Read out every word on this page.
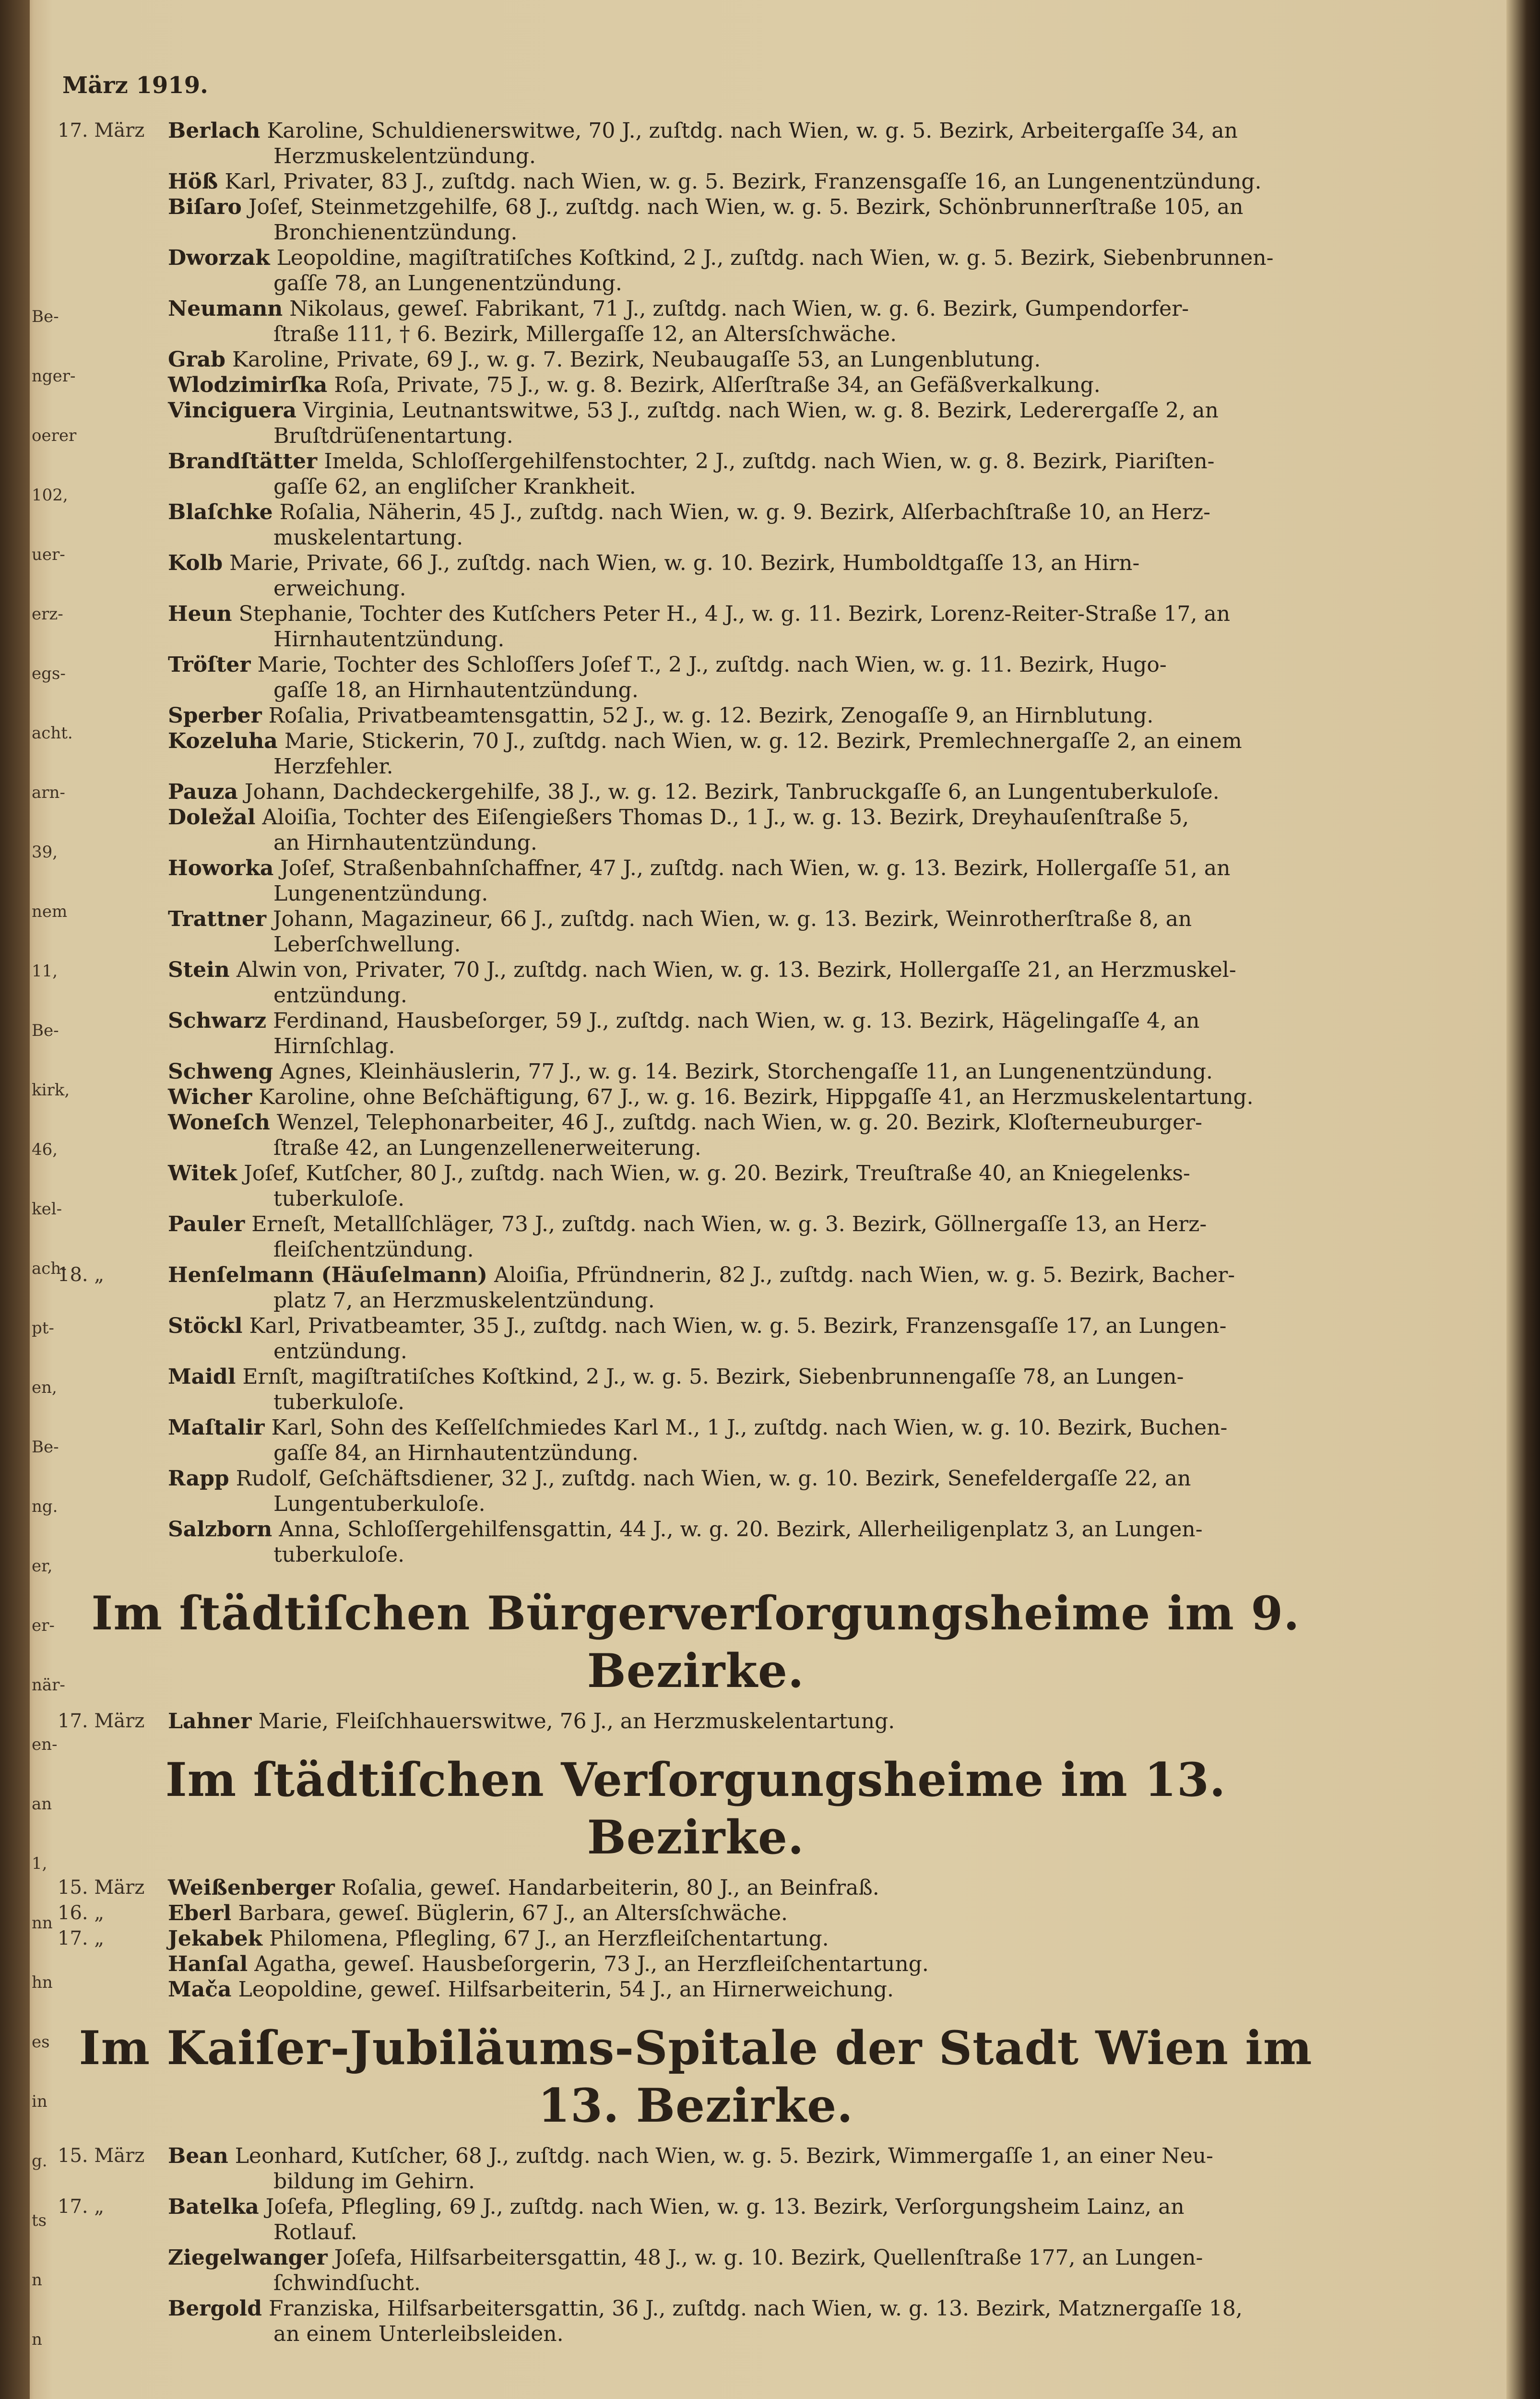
Be-
nger-
oerer
102,
uer-
erz-
egs-
acht.
arn-
39,
nem
11,
Be-
kirk,
46,
kel-
ach-
pt-
en,
Be-
ng.
er,
er-
när-
en-
an
1,
nn
hn
es
in
g.
ts
n
n
März 1919.
17. März	Berlach Karoline, Schuldienerswitwe, 70 J., zuſtdg. nach Wien, w. g. 5. Bezirk, Arbeitergaſſe 34, an
Herzmuskelentzündung.
Höß Karl, Privater, 83 J., zuſtdg. nach Wien, w. g. 5. Bezirk, Franzensgaſſe 16, an Lungenentzündung.
Biſaro Joſef, Steinmetzgehilfe, 68 J., zuſtdg. nach Wien, w. g. 5. Bezirk, Schönbrunnerſtraße 105, an
Bronchienentzündung.
Dworzak Leopoldine, magiſtratiſches Koſtkind, 2 J., zuſtdg. nach Wien, w. g. 5. Bezirk, Siebenbrunnen-
gaſſe 78, an Lungenentzündung.
Neumann Nikolaus, geweſ. Fabrikant, 71 J., zuſtdg. nach Wien, w. g. 6. Bezirk, Gumpendorfer-
ſtraße 111, † 6. Bezirk, Millergaſſe 12, an Altersſchwäche.
Grab Karoline, Private, 69 J., w. g. 7. Bezirk, Neubaugaſſe 53, an Lungenblutung.
Wlodzimirſka Roſa, Private, 75 J., w. g. 8. Bezirk, Alſerſtraße 34, an Gefäßverkalkung.
Vinciguera Virginia, Leutnantswitwe, 53 J., zuſtdg. nach Wien, w. g. 8. Bezirk, Lederergaſſe 2, an
Bruſtdrüſenentartung.
Brandſtätter Imelda, Schloſſergehilfenstochter, 2 J., zuſtdg. nach Wien, w. g. 8. Bezirk, Piariſten-
gaſſe 62, an engliſcher Krankheit.
Blaſchke Roſalia, Näherin, 45 J., zuſtdg. nach Wien, w. g. 9. Bezirk, Alſerbachſtraße 10, an Herz-
muskelentartung.
Kolb Marie, Private, 66 J., zuſtdg. nach Wien, w. g. 10. Bezirk, Humboldtgaſſe 13, an Hirn-
erweichung.
Heun Stephanie, Tochter des Kutſchers Peter H., 4 J., w. g. 11. Bezirk, Lorenz-Reiter-Straße 17, an
Hirnhautentzündung.
Tröſter Marie, Tochter des Schloſſers Joſef T., 2 J., zuſtdg. nach Wien, w. g. 11. Bezirk, Hugo-
gaſſe 18, an Hirnhautentzündung.
Sperber Roſalia, Privatbeamtensgattin, 52 J., w. g. 12. Bezirk, Zenogaſſe 9, an Hirnblutung.
Kozeluha Marie, Stickerin, 70 J., zuſtdg. nach Wien, w. g. 12. Bezirk, Premlechnergaſſe 2, an einem
Herzfehler.
Pauza Johann, Dachdeckergehilfe, 38 J., w. g. 12. Bezirk, Tanbruckgaſſe 6, an Lungentuberkuloſe.
Doležal Aloiſia, Tochter des Eiſengießers Thomas D., 1 J., w. g. 13. Bezirk, Dreyhauſenſtraße 5,
an Hirnhautentzündung.
Howorka Joſef, Straßenbahnſchaffner, 47 J., zuſtdg. nach Wien, w. g. 13. Bezirk, Hollergaſſe 51, an
Lungenentzündung.
Trattner Johann, Magazineur, 66 J., zuſtdg. nach Wien, w. g. 13. Bezirk, Weinrotherſtraße 8, an
Leberſchwellung.
Stein Alwin von, Privater, 70 J., zuſtdg. nach Wien, w. g. 13. Bezirk, Hollergaſſe 21, an Herzmuskel-
entzündung.
Schwarz Ferdinand, Hausbeſorger, 59 J., zuſtdg. nach Wien, w. g. 13. Bezirk, Hägelingaſſe 4, an
Hirnſchlag.
Schweng Agnes, Kleinhäuslerin, 77 J., w. g. 14. Bezirk, Storchengaſſe 11, an Lungenentzündung.
Wicher Karoline, ohne Beſchäftigung, 67 J., w. g. 16. Bezirk, Hippgaſſe 41, an Herzmuskelentartung.
Woneſch Wenzel, Telephonarbeiter, 46 J., zuſtdg. nach Wien, w. g. 20. Bezirk, Kloſterneuburger-
ſtraße 42, an Lungenzellenerweiterung.
Witek Joſef, Kutſcher, 80 J., zuſtdg. nach Wien, w. g. 20. Bezirk, Treuſtraße 40, an Kniegelenks-
tuberkuloſe.
Pauler Erneſt, Metallſchläger, 73 J., zuſtdg. nach Wien, w. g. 3. Bezirk, Göllnergaſſe 13, an Herz-
fleiſchentzündung.
18. „	Henſelmann (Häuſelmann) Aloiſia, Pfründnerin, 82 J., zuſtdg. nach Wien, w. g. 5. Bezirk, Bacher-
platz 7, an Herzmuskelentzündung.
Stöckl Karl, Privatbeamter, 35 J., zuſtdg. nach Wien, w. g. 5. Bezirk, Franzensgaſſe 17, an Lungen-
entzündung.
Maidl Ernſt, magiſtratiſches Koſtkind, 2 J., w. g. 5. Bezirk, Siebenbrunnengaſſe 78, an Lungen-
tuberkuloſe.
Maſtalir Karl, Sohn des Keſſelſchmiedes Karl M., 1 J., zuſtdg. nach Wien, w. g. 10. Bezirk, Buchen-
gaſſe 84, an Hirnhautentzündung.
Rapp Rudolf, Geſchäftsdiener, 32 J., zuſtdg. nach Wien, w. g. 10. Bezirk, Senefeldergaſſe 22, an
Lungentuberkuloſe.
Salzborn Anna, Schloſſergehilfensgattin, 44 J., w. g. 20. Bezirk, Allerheiligenplatz 3, an Lungen-
tuberkuloſe.
Im ſtädtiſchen Bürgerverſorgungsheime im 9. Bezirke.
17. März	Lahner Marie, Fleiſchhauerswitwe, 76 J., an Herzmuskelentartung.
Im ſtädtiſchen Verſorgungsheime im 13. Bezirke.
15. März	Weißenberger Roſalia, geweſ. Handarbeiterin, 80 J., an Beinfraß.
16. „	Eberl Barbara, geweſ. Büglerin, 67 J., an Altersſchwäche.
17. „	Jekabek Philomena, Pflegling, 67 J., an Herzfleiſchentartung.
Hanſal Agatha, geweſ. Hausbeſorgerin, 73 J., an Herzfleiſchentartung.
Mača Leopoldine, geweſ. Hilfsarbeiterin, 54 J., an Hirnerweichung.
Im Kaiſer-Jubiläums-Spitale der Stadt Wien im 13. Bezirke.
15. März	Bean Leonhard, Kutſcher, 68 J., zuſtdg. nach Wien, w. g. 5. Bezirk, Wimmergaſſe 1, an einer Neu-
bildung im Gehirn.
17. „	Batelka Joſefa, Pflegling, 69 J., zuſtdg. nach Wien, w. g. 13. Bezirk, Verſorgungsheim Lainz, an
Rotlauf.
Ziegelwanger Joſefa, Hilfsarbeitersgattin, 48 J., w. g. 10. Bezirk, Quellenſtraße 177, an Lungen-
ſchwindſucht.
Bergold Franziska, Hilfsarbeitersgattin, 36 J., zuſtdg. nach Wien, w. g. 13. Bezirk, Matznergaſſe 18,
an einem Unterleibsleiden.
